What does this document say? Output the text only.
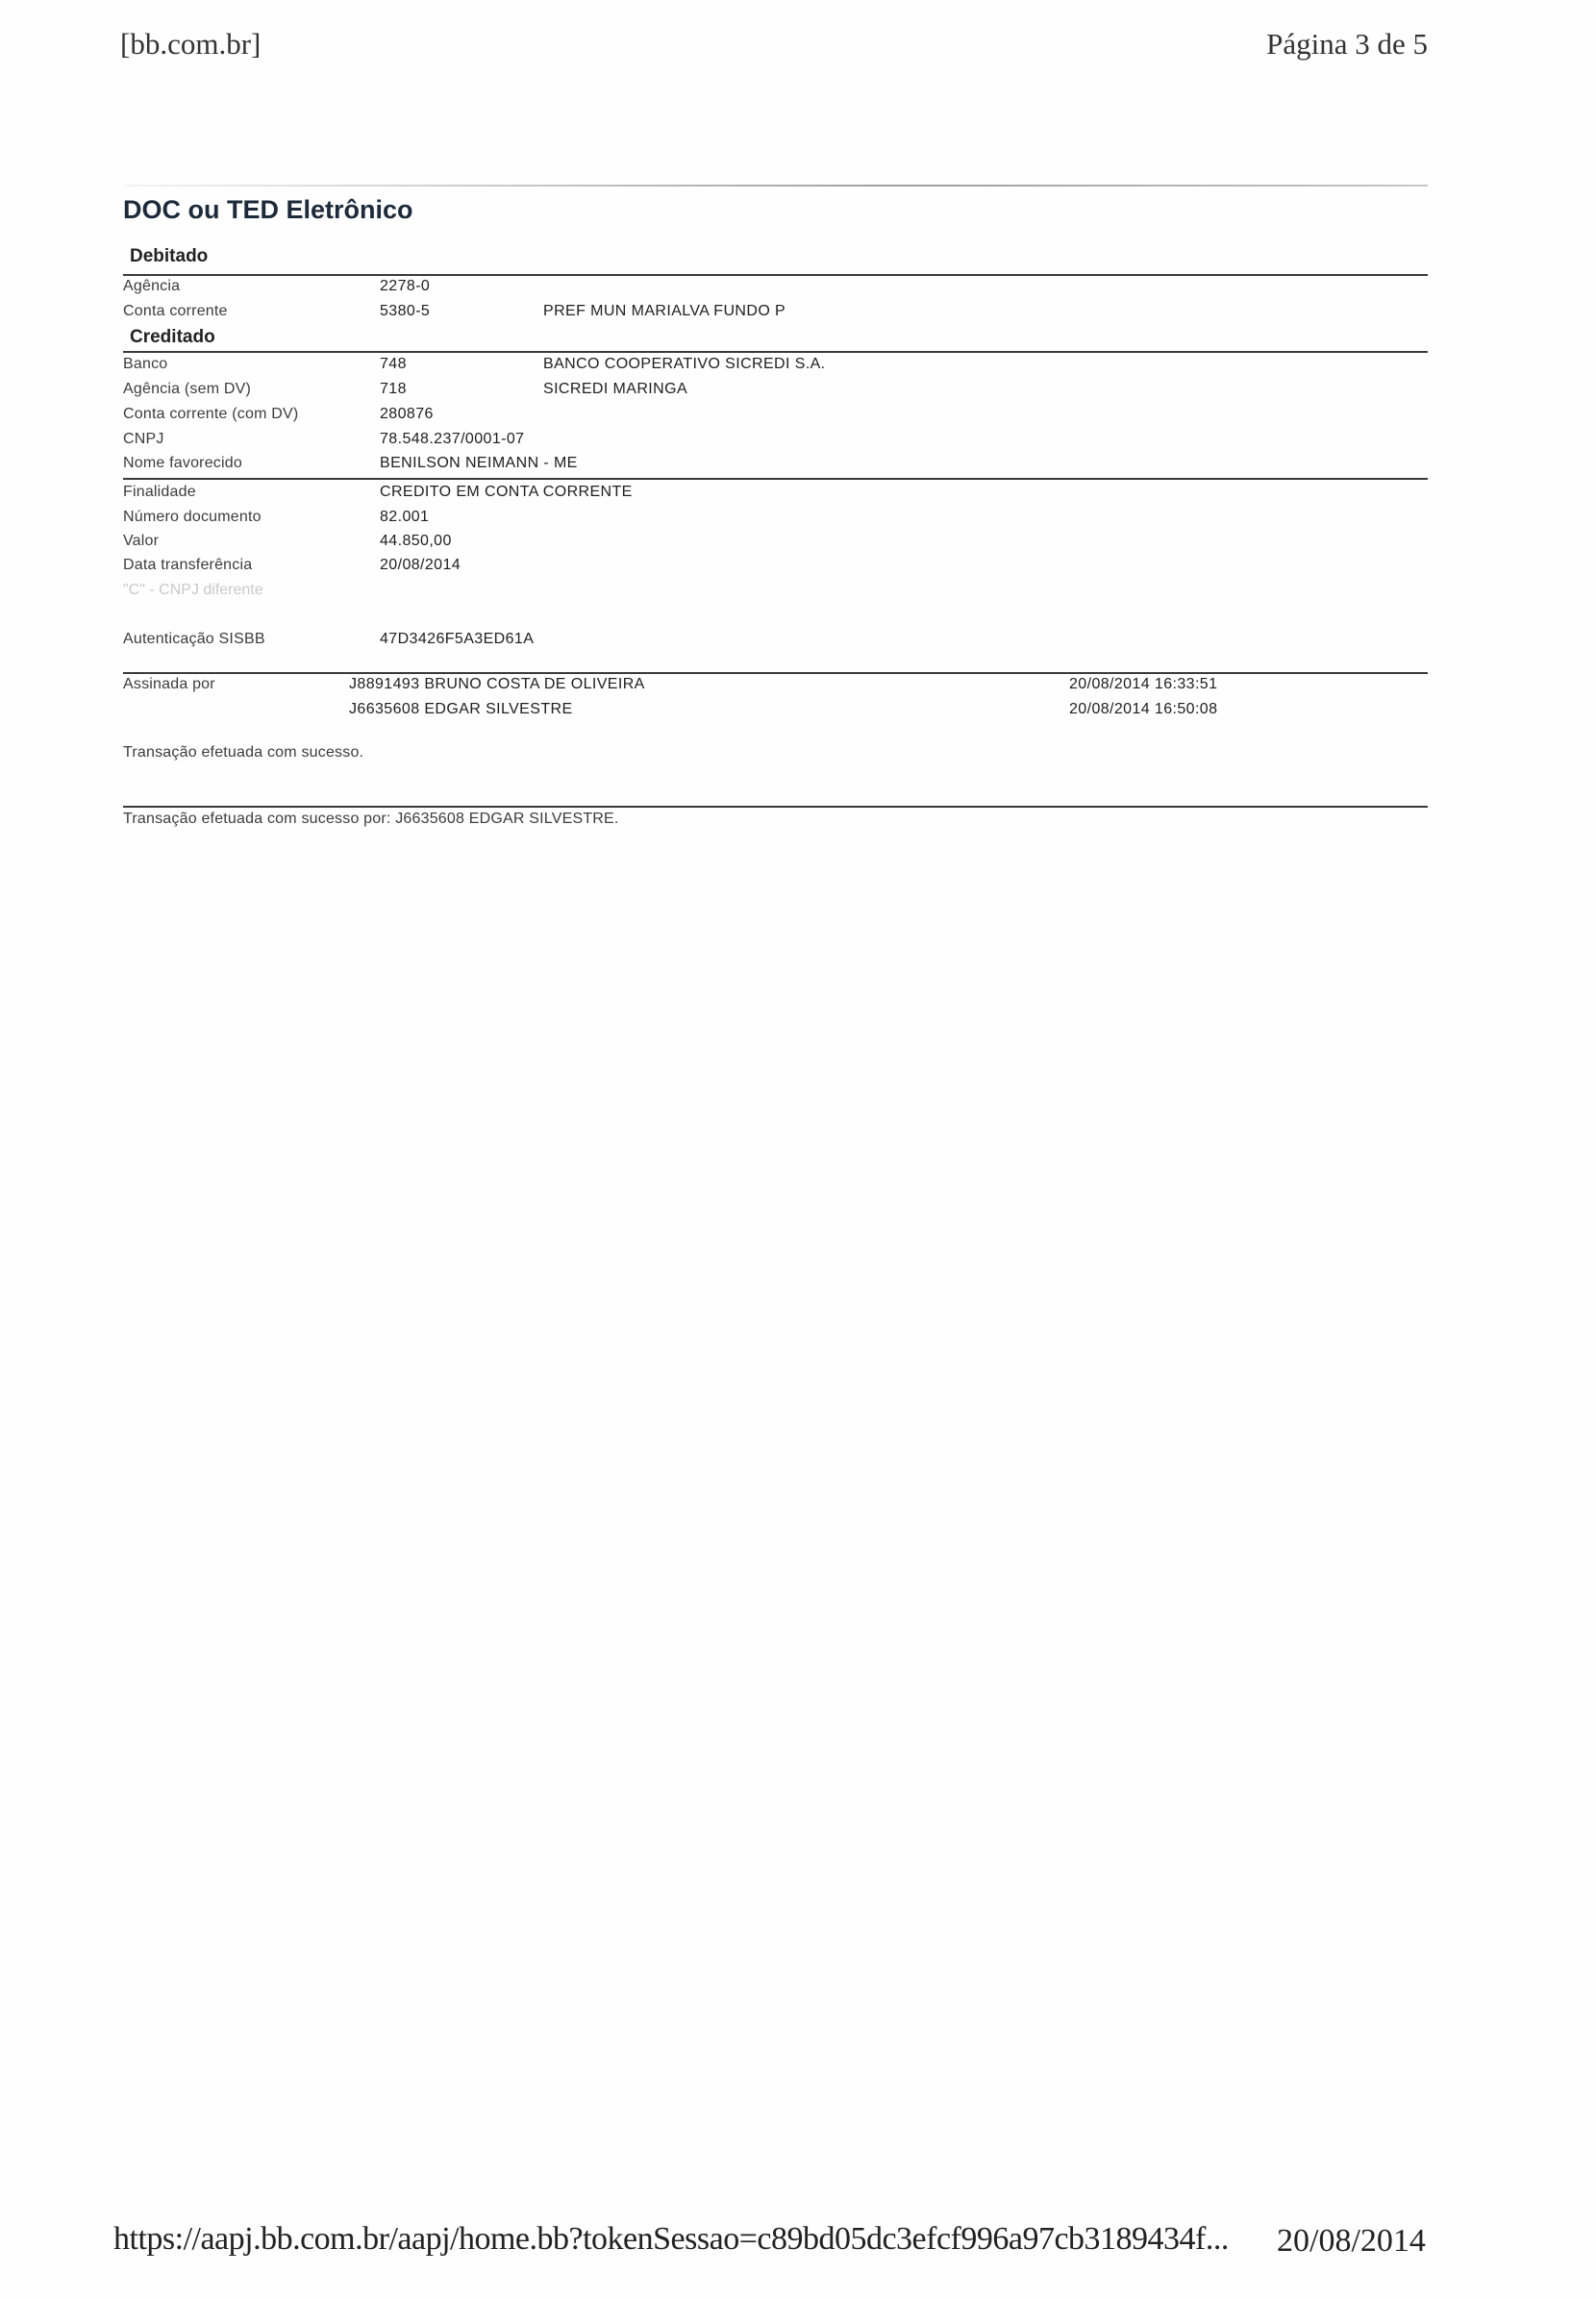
[bb.com.br]	Página 3 de 5
DOC ou TED Eletrônico
Debitado
Agência	2278-0
Conta corrente	5380-5	PREF MUN MARIALVA FUNDO P
Creditado
Banco	748	BANCO COOPERATIVO SICREDI S.A.
Agência (sem DV)	718	SICREDI MARINGA
Conta corrente (com DV)	280876
CNPJ	78.548.237/0001-07
Nome favorecido	BENILSON NEIMANN - ME
Finalidade	CREDITO EM CONTA CORRENTE
Número documento	82.001
Valor	44.850,00
Data transferência	20/08/2014
"C" - CNPJ diferente
Autenticação SISBB	47D3426F5A3ED61A
Assinada por	J8891493 BRUNO COSTA DE OLIVEIRA	20/08/2014 16:33:51
J6635608 EDGAR SILVESTRE	20/08/2014 16:50:08
Transação efetuada com sucesso.
Transação efetuada com sucesso por: J6635608 EDGAR SILVESTRE.
https://aapj.bb.com.br/aapj/home.bb?tokenSessao=c89bd05dc3efcf996a97cb3189434f... 20/08/2014
